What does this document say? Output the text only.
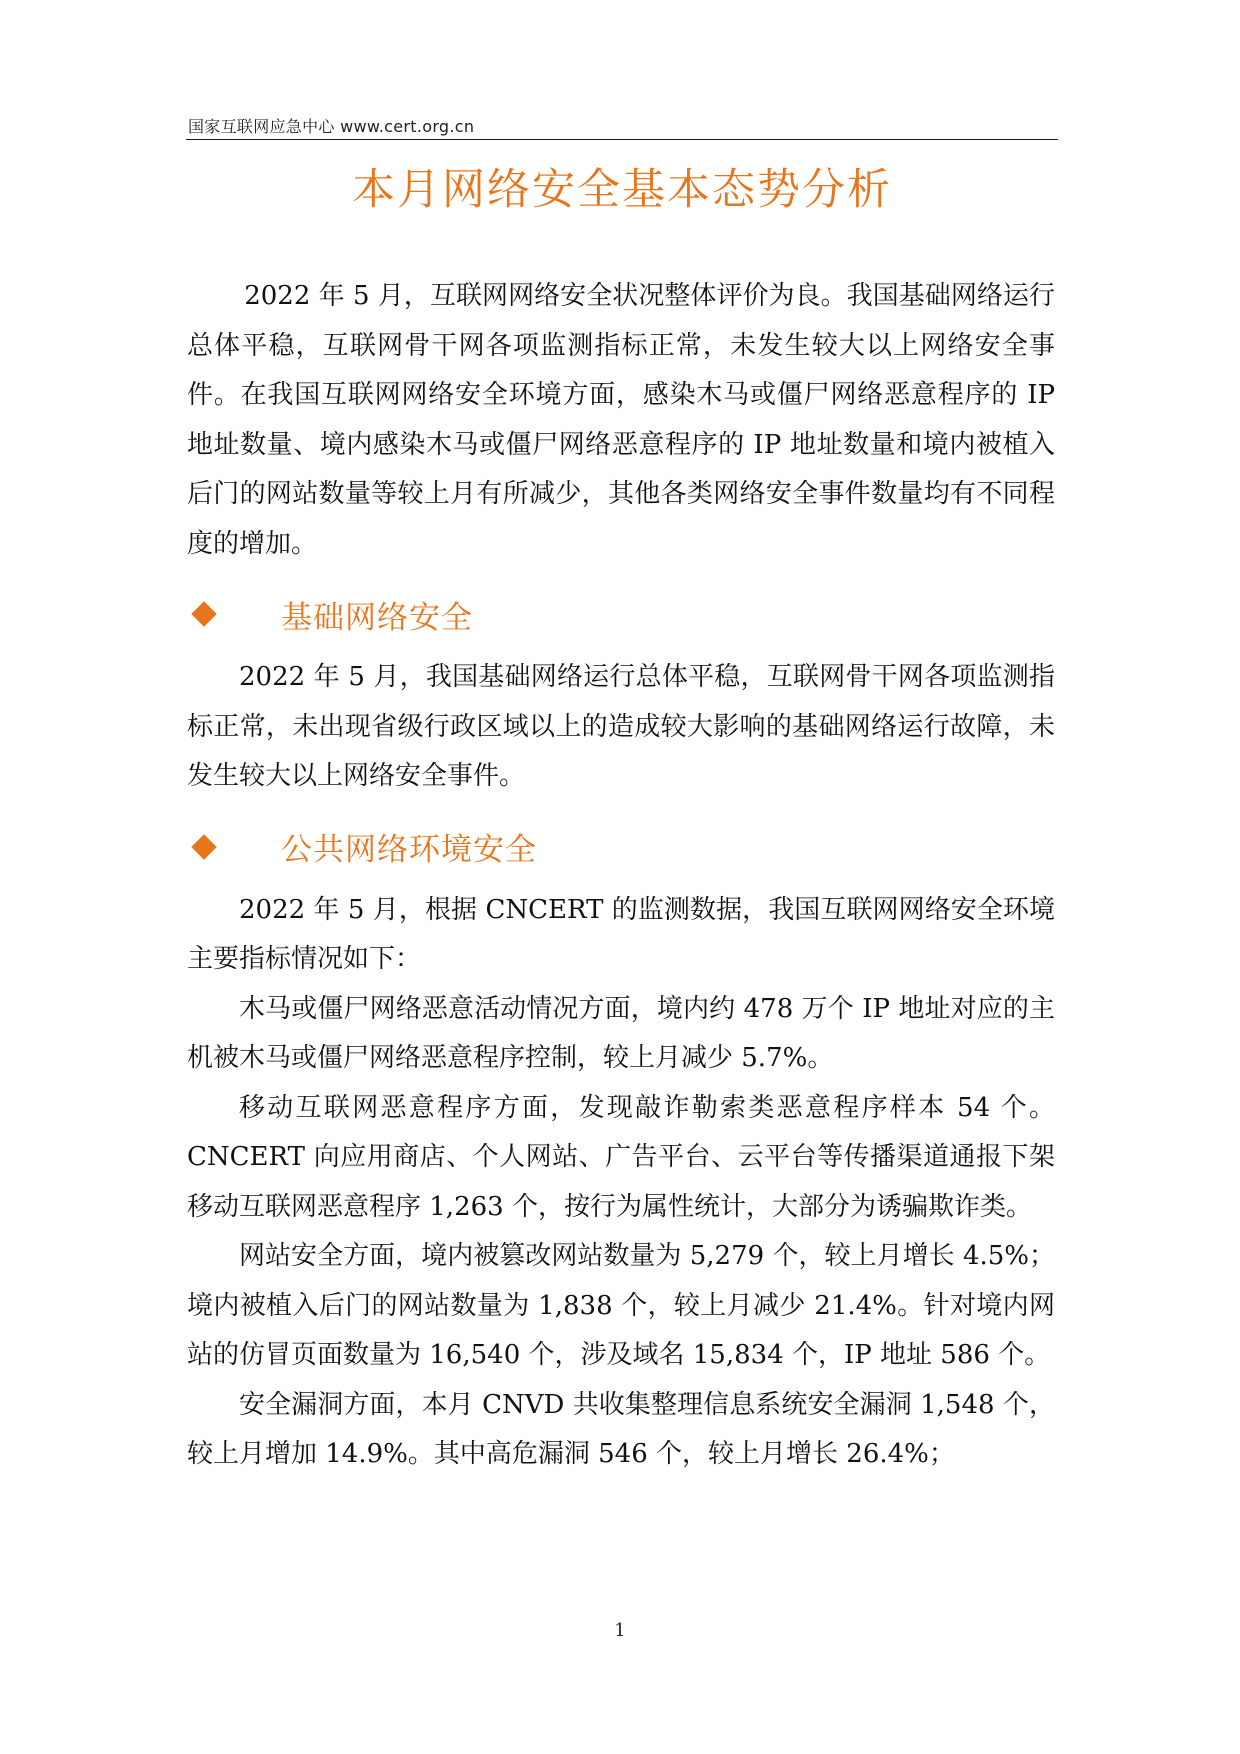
国家互联网应急中心 www.cert.org.cn
本月网络安全基本态势分析

2022 年 5 月，互联网网络安全状况整体评价为良。我国基础网络运行总体平稳，互联网骨干网各项监测指标正常，未发生较大以上网络安全事件。在我国互联网网络安全环境方面，感染木马或僵尸网络恶意程序的 IP 地址数量、境内感染木马或僵尸网络恶意程序的 IP 地址数量和境内被植入后门的网站数量等较上月有所减少，其他各类网络安全事件数量均有不同程度的增加。

基础网络安全

2022 年 5 月，我国基础网络运行总体平稳，互联网骨干网各项监测指标正常，未出现省级行政区域以上的造成较大影响的基础网络运行故障，未发生较大以上网络安全事件。

公共网络环境安全

2022 年 5 月，根据 CNCERT 的监测数据，我国互联网网络安全环境主要指标情况如下：

木马或僵尸网络恶意活动情况方面，境内约 478 万个 IP 地址对应的主机被木马或僵尸网络恶意程序控制，较上月减少 5.7%。

移动互联网恶意程序方面，发现敲诈勒索类恶意程序样本 54 个。CNCERT 向应用商店、个人网站、广告平台、云平台等传播渠道通报下架移动互联网恶意程序 1,263 个，按行为属性统计，大部分为诱骗欺诈类。

网站安全方面，境内被篡改网站数量为 5,279 个，较上月增长 4.5%；境内被植入后门的网站数量为 1,838 个，较上月减少 21.4%。针对境内网站的仿冒页面数量为 16,540 个，涉及域名 15,834 个，IP 地址 586 个。

安全漏洞方面，本月 CNVD 共收集整理信息系统安全漏洞 1,548 个，较上月增加 14.9%。其中高危漏洞 546 个，较上月增长 26.4%；

1
